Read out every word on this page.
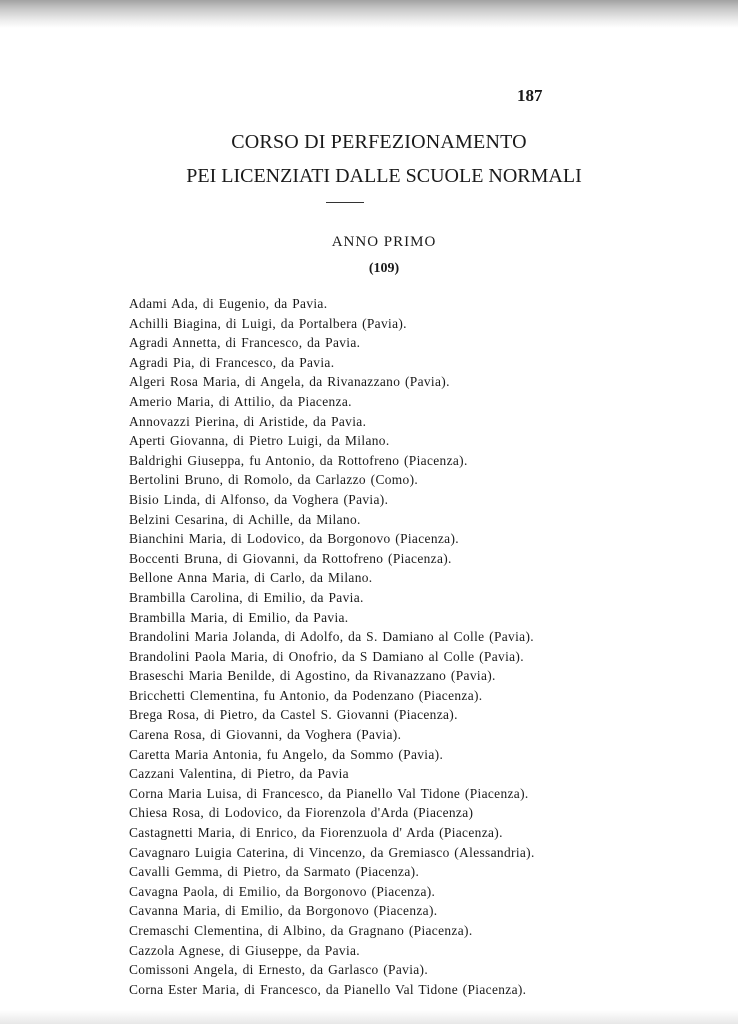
187
CORSO DI PERFEZIONAMENTO
PEI LICENZIATI DALLE SCUOLE NORMALI
ANNO PRIMO
(109)
Adami Ada, di Eugenio, da Pavia.
Achilli Biagina, di Luigi, da Portalbera (Pavia).
Agradi Annetta, di Francesco, da Pavia.
Agradi Pia, di Francesco, da Pavia.
Algeri Rosa Maria, di Angela, da Rivanazzano (Pavia).
Amerio Maria, di Attilio, da Piacenza.
Annovazzi Pierina, di Aristide, da Pavia.
Aperti Giovanna, di Pietro Luigi, da Milano.
Baldrighi Giuseppa, fu Antonio, da Rottofreno (Piacenza).
Bertolini Bruno, di Romolo, da Carlazzo (Como).
Bisio Linda, di Alfonso, da Voghera (Pavia).
Belzini Cesarina, di Achille, da Milano.
Bianchini Maria, di Lodovico, da Borgonovo (Piacenza).
Boccenti Bruna, di Giovanni, da Rottofreno (Piacenza).
Bellone Anna Maria, di Carlo, da Milano.
Brambilla Carolina, di Emilio, da Pavia.
Brambilla Maria, di Emilio, da Pavia.
Brandolini Maria Jolanda, di Adolfo, da S. Damiano al Colle (Pavia).
Brandolini Paola Maria, di Onofrio, da S Damiano al Colle (Pavia).
Braseschi Maria Benilde, di Agostino, da Rivanazzano (Pavia).
Bricchetti Clementina, fu Antonio, da Podenzano (Piacenza).
Brega Rosa, di Pietro, da Castel S. Giovanni (Piacenza).
Carena Rosa, di Giovanni, da Voghera (Pavia).
Caretta Maria Antonia, fu Angelo, da Sommo (Pavia).
Cazzani Valentina, di Pietro, da Pavia
Corna Maria Luisa, di Francesco, da Pianello Val Tidone (Piacenza).
Chiesa Rosa, di Lodovico, da Fiorenzola d'Arda (Piacenza)
Castagnetti Maria, di Enrico, da Fiorenzuola d' Arda (Piacenza).
Cavagnaro Luigia Caterina, di Vincenzo, da Gremiasco (Alessandria).
Cavalli Gemma, di Pietro, da Sarmato (Piacenza).
Cavagna Paola, di Emilio, da Borgonovo (Piacenza).
Cavanna Maria, di Emilio, da Borgonovo (Piacenza).
Cremaschi Clementina, di Albino, da Gragnano (Piacenza).
Cazzola Agnese, di Giuseppe, da Pavia.
Comissoni Angela, di Ernesto, da Garlasco (Pavia).
Corna Ester Maria, di Francesco, da Pianello Val Tidone (Piacenza).
